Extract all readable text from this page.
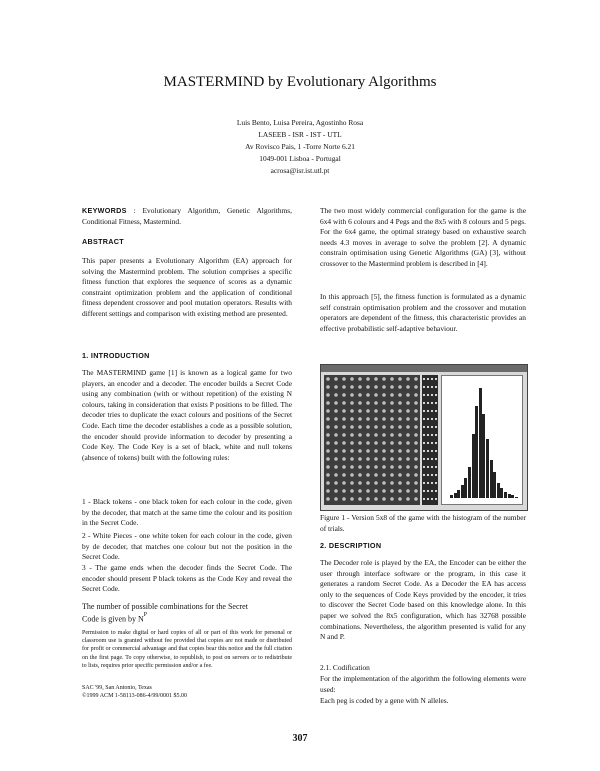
MASTERMIND by Evolutionary Algorithms
Luis Bento, Luisa Pereira, Agostinho Rosa
LASEEB - ISR - IST - UTL
Av Rovisco Pais, 1 -Torre Norte 6.21
1049-001 Lisboa - Portugal
acrosa@isr.ist.utl.pt

KEYWORDS : Evolutionary Algorithm, Genetic Algorithms, Conditional Fitness, Mastermind.

ABSTRACT
This paper presents a Evolutionary Algorithm (EA) approach for solving the Mastermind problem. The solution comprises a specific fitness function that explores the sequence of scores as a dynamic constraint optimization problem and the application of conditional fitness dependent crossover and pool mutation operators. Results with different settings and comparison with existing method are presented.
1. INTRODUCTION
The MASTERMIND game [1] is known as a logical game for two players, an encoder and a decoder. The encoder builds a Secret Code using any combination (with or without repetition) of the existing N colours, taking in consideration that exists P positions to be filled. The decoder tries to duplicate the exact colours and positions of the Secret Code. Each time the decoder establishes a code as a possible solution, the encoder should provide information to decoder by presenting a Code Key. The Code Key is a set of black, white and null tokens (absence of tokens) built with the following rules:
1 - Black tokens - one black token for each colour in the code, given by the decoder, that match at the same time the colour and its position in the Secret Code.
2 - White Pieces - one white token for each colour in the code, given by de decoder, that matches one colour but not the position in the Secret Code.
3 - The game ends when the decoder finds the Secret Code. The encoder should present P black tokens as the Code Key and reveal the Secret Code.
The number of possible combinations for the Secret
Code is given by $N^P$
Permission to make digital or hard copies of all or part of this work for personal or classroom use is granted without fee provided that copies are not made or distributed for profit or commercial advantage and that copies bear this notice and the full citation on the first page. To copy otherwise, to republish, to post on servers or to redistribute to lists, requires prior specific permission and/or a fee.
SAC '99, San Antonio, Texas
©1999 ACM 1-58113-086-4/99/0001 $5.00
The two most widely commercial configuration for the game is the 6x4 with 6 colours and 4 Pegs and the 8x5 with 8 colours and 5 pegs. For the 6x4 game, the optimal strategy based on exhaustive search needs 4.3 moves in average to solve the problem [2]. A dynamic constrain optimisation using Genetic Algorithms (GA) [3], without crossover to the Mastermind problem is described in [4].
In this approach [5], the fitness function is formulated as a dynamic self constrain optimisation problem and the crossover and mutation operators are dependent of the fitness, this characteristic provides an effective probabilistic self-adaptive behaviour.
Figure 1 - Version 5x8 of the game with the histogram of the number of trials.
2. DESCRIPTION
The Decoder role is played by the EA, the Encoder can be either the user through interface software or the program, in this case it generates a random Secret Code. As a Decoder the EA has access only to the sequences of Code Keys provided by the encoder, it tries to discover the Secret Code based on this knowledge alone. In this paper we solved the 8x5 configuration, which has 32768 possible combinations. Nevertheless, the algorithm presented is valid for any N and P.
2.1. Codification
For the implementation of the algorithm the following elements were used:
Each peg is coded by a gene with N alleles.
307
